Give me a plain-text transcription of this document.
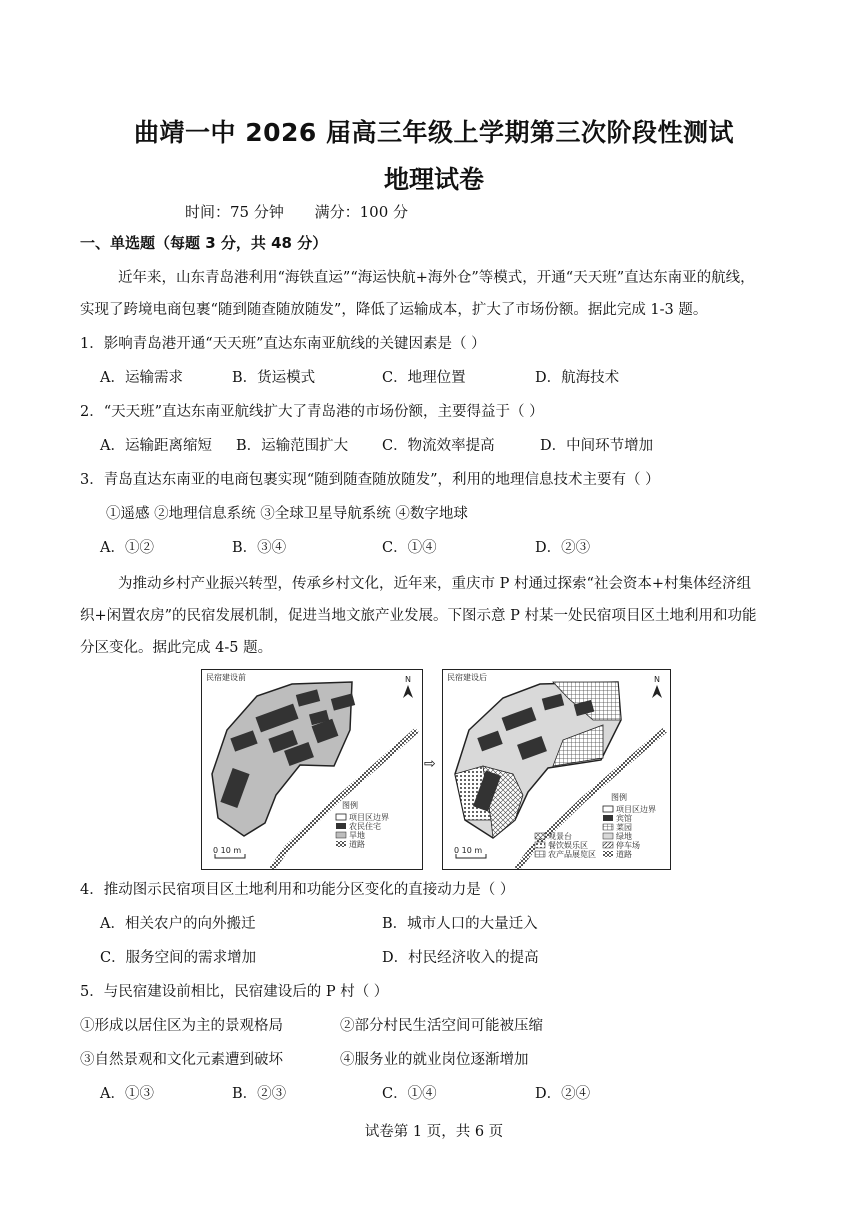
曲靖一中 2026 届高三年级上学期第三次阶段性测试
地理试卷
时间：75 分钟 满分：100 分
一、单选题（每题 3 分，共 48 分）
近年来，山东青岛港利用“海铁直运”“海运快航+海外仓”等模式，开通“天天班”直达东南亚的航线，
实现了跨境电商包裹“随到随查随放随发”，降低了运输成本，扩大了市场份额。据此完成 1-3 题。
1．影响青岛港开通“天天班”直达东南亚航线的关键因素是（ ）
A．运输需求	B．货运模式	C．地理位置	D．航海技术
2．“天天班”直达东南亚航线扩大了青岛港的市场份额，主要得益于（ ）
A．运输距离缩短 B．运输范围扩大 C．物流效率提高	D．中间环节增加
3．青岛直达东南亚的电商包裹实现“随到随查随放随发”，利用的地理信息技术主要有（ ）
①遥感 ②地理信息系统 ③全球卫星导航系统 ④数字地球
A．①②	B．③④	C．①④	D．②③
为推动乡村产业振兴转型，传承乡村文化，近年来，重庆市 P 村通过探索“社会资本+村集体经济组
织+闲置农房”的民宿发展机制，促进当地文旅产业发展。下图示意 P 村某一处民宿项目区土地利用和功能
分区变化。据此完成 4-5 题。
民宿建设前	N
图例
项目区边界
农民住宅
旱地
道路
0 10 m
⇨
民宿建设后	N
图例
项目区边界
宾馆
菜园
绿地
停车场
道路
观景台
餐饮娱乐区
农产品展览区
0 10 m
4．推动图示民宿项目区土地利用和功能分区变化的直接动力是（ ）
A．相关农户的向外搬迁	B．城市人口的大量迁入
C．服务空间的需求增加	D．村民经济收入的提高
5．与民宿建设前相比，民宿建设后的 P 村（ ）
①形成以居住区为主的景观格局	②部分村民生活空间可能被压缩
③自然景观和文化元素遭到破坏	④服务业的就业岗位逐渐增加
A．①③	B．②③	C．①④	D．②④
试卷第 1 页，共 6 页
